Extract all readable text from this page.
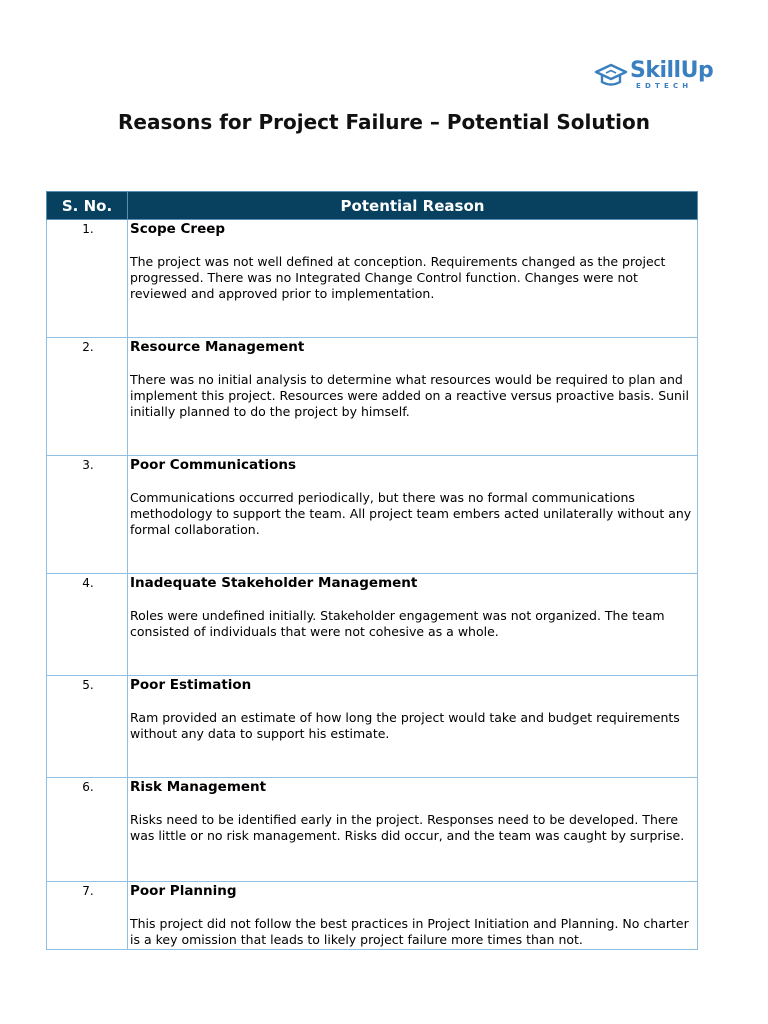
SkillUp
EDTECH
Reasons for Project Failure – Potential Solution
S. No.	Potential Reason
1.	Scope Creep
The project was not well defined at conception. Requirements changed as the project progressed. There was no Integrated Change Control function. Changes were not reviewed and approved prior to implementation.

2.	Resource Management
There was no initial analysis to determine what resources would be required to plan and implement this project. Resources were added on a reactive versus proactive basis. Sunil initially planned to do the project by himself.

3.	Poor Communications
Communications occurred periodically, but there was no formal communications methodology to support the team. All project team embers acted unilaterally without any formal collaboration.

4.	Inadequate Stakeholder Management
Roles were undefined initially. Stakeholder engagement was not organized. The team consisted of individuals that were not cohesive as a whole.

5.	Poor Estimation
Ram provided an estimate of how long the project would take and budget requirements without any data to support his estimate.

6.	Risk Management
Risks need to be identified early in the project. Responses need to be developed. There was little or no risk management. Risks did occur, and the team was caught by surprise.

7.	Poor Planning
This project did not follow the best practices in Project Initiation and Planning. No charter is a key omission that leads to likely project failure more times than not.
